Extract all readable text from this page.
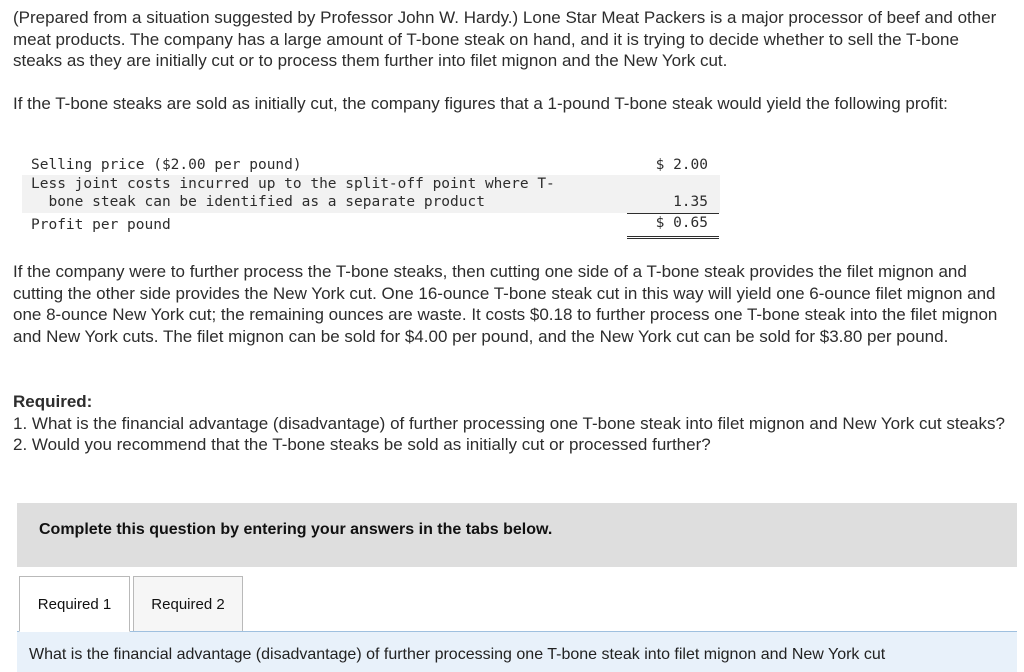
(Prepared from a situation suggested by Professor John W. Hardy.) Lone Star Meat Packers is a major processor of beef and other meat products. The company has a large amount of T-bone steak on hand, and it is trying to decide whether to sell the T-bone steaks as they are initially cut or to process them further into filet mignon and the New York cut.

If the T-bone steaks are sold as initially cut, the company figures that a 1-pound T-bone steak would yield the following profit:

Selling price ($2.00 per pound)	$ 2.00
Less joint costs incurred up to the split-off point where T-
bone steak can be identified as a separate product	1.35
Profit per pound	$ 0.65

If the company were to further process the T-bone steaks, then cutting one side of a T-bone steak provides the filet mignon and cutting the other side provides the New York cut. One 16-ounce T-bone steak cut in this way will yield one 6-ounce filet mignon and one 8-ounce New York cut; the remaining ounces are waste. It costs $0.18 to further process one T-bone steak into the filet mignon and New York cuts. The filet mignon can be sold for $4.00 per pound, and the New York cut can be sold for $3.80 per pound.

Required:
1. What is the financial advantage (disadvantage) of further processing one T-bone steak into filet mignon and New York cut steaks?
2. Would you recommend that the T-bone steaks be sold as initially cut or processed further?
Complete this question by entering your answers in the tabs below.
Required 1	Required 2
What is the financial advantage (disadvantage) of further processing one T-bone steak into filet mignon and New York cut
